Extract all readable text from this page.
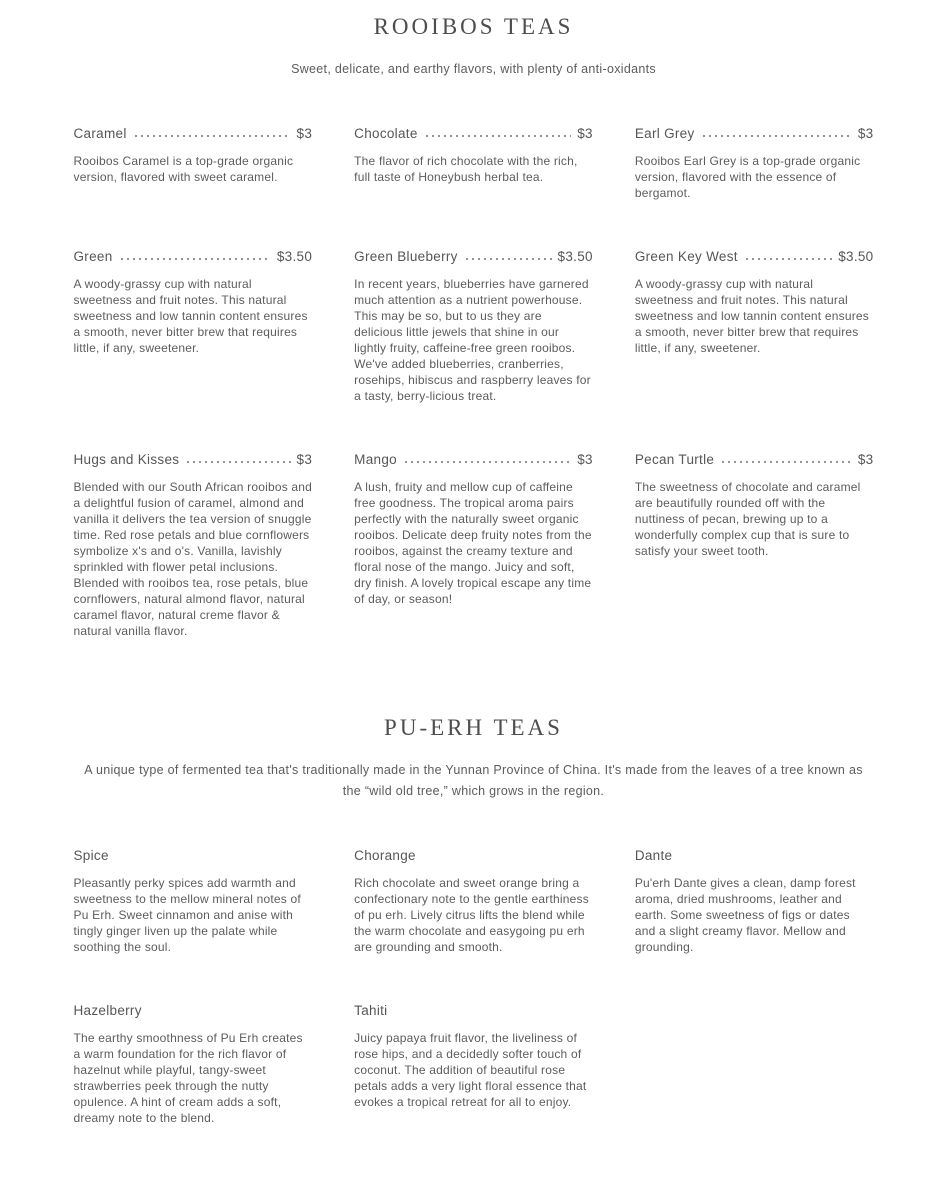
ROOIBOS TEAS

Sweet, delicate, and earthy flavors, with plenty of anti-oxidants

Caramel	$3

Rooibos Caramel is a top-grade organic version, flavored with sweet caramel.

Chocolate	$3

The flavor of rich chocolate with the rich, full taste of Honeybush herbal tea.

Earl Grey	$3

Rooibos Earl Grey is a top-grade organic version, flavored with the essence of bergamot.

Green	$3.50

A woody-grassy cup with natural sweetness and fruit notes. This natural sweetness and low tannin content ensures a smooth, never bitter brew that requires little, if any, sweetener.

Green Blueberry	$3.50

In recent years, blueberries have garnered much attention as a nutrient powerhouse. This may be so, but to us they are delicious little jewels that shine in our lightly fruity, caffeine-free green rooibos. We've added blueberries, cranberries, rosehips, hibiscus and raspberry leaves for a tasty, berry-licious treat.

Green Key West	$3.50

A woody-grassy cup with natural sweetness and fruit notes. This natural sweetness and low tannin content ensures a smooth, never bitter brew that requires little, if any, sweetener.

Hugs and Kisses	$3

Blended with our South African rooibos and a delightful fusion of caramel, almond and vanilla it delivers the tea version of snuggle time. Red rose petals and blue cornflowers symbolize x's and o's. Vanilla, lavishly sprinkled with flower petal inclusions. Blended with rooibos tea, rose petals, blue cornflowers, natural almond flavor, natural caramel flavor, natural creme flavor & natural vanilla flavor.

Mango	$3

A lush, fruity and mellow cup of caffeine free goodness. The tropical aroma pairs perfectly with the naturally sweet organic rooibos. Delicate deep fruity notes from the rooibos, against the creamy texture and floral nose of the mango. Juicy and soft, dry finish. A lovely tropical escape any time of day, or season!

Pecan Turtle	$3

The sweetness of chocolate and caramel are beautifully rounded off with the nuttiness of pecan, brewing up to a wonderfully complex cup that is sure to satisfy your sweet tooth.

PU-ERH TEAS

A unique type of fermented tea that's traditionally made in the Yunnan Province of China. It's made from the leaves of a tree known as the “wild old tree,” which grows in the region.

Spice

Pleasantly perky spices add warmth and sweetness to the mellow mineral notes of Pu Erh. Sweet cinnamon and anise with tingly ginger liven up the palate while soothing the soul.

Chorange

Rich chocolate and sweet orange bring a confectionary note to the gentle earthiness of pu erh. Lively citrus lifts the blend while the warm chocolate and easygoing pu erh are grounding and smooth.

Dante

Pu'erh Dante gives a clean, damp forest aroma, dried mushrooms, leather and earth. Some sweetness of figs or dates and a slight creamy flavor. Mellow and grounding.

Hazelberry

The earthy smoothness of Pu Erh creates a warm foundation for the rich flavor of hazelnut while playful, tangy-sweet strawberries peek through the nutty opulence. A hint of cream adds a soft, dreamy note to the blend.

Tahiti

Juicy papaya fruit flavor, the liveliness of rose hips, and a decidedly softer touch of coconut. The addition of beautiful rose petals adds a very light floral essence that evokes a tropical retreat for all to enjoy.
